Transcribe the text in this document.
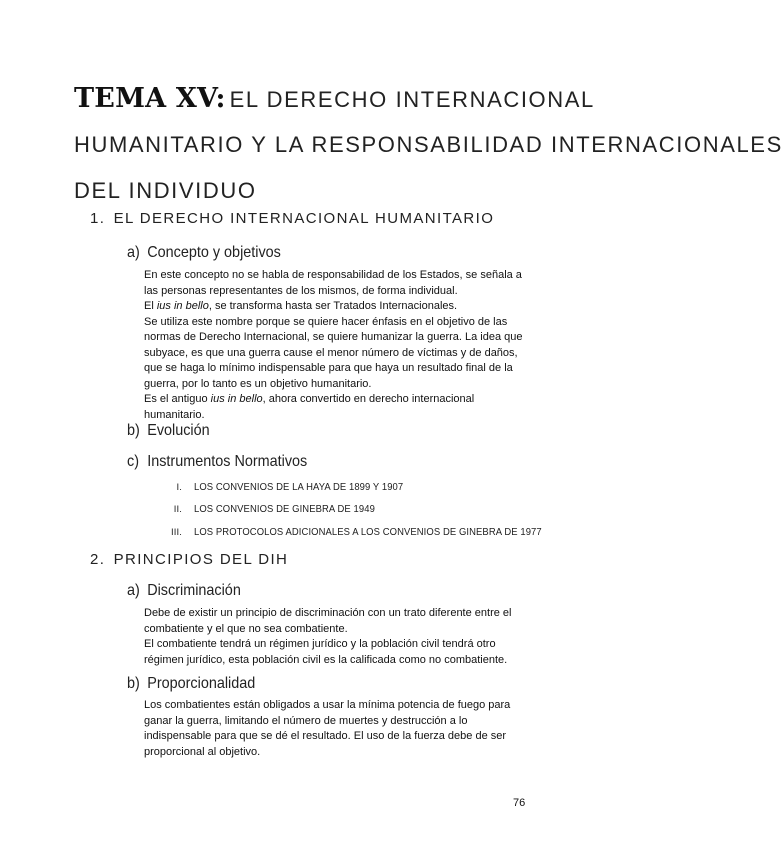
TEMA XV: EL DERECHO INTERNACIONAL
HUMANITARIO Y LA RESPONSABILIDAD INTERNACIONALES
DEL INDIVIDUO
1. EL DERECHO INTERNACIONAL HUMANITARIO
a) Concepto y objetivos
En este concepto no se habla de responsabilidad de los Estados, se señala a
las personas representantes de los mismos, de forma individual.
El ius in bello, se transforma hasta ser Tratados Internacionales.
Se utiliza este nombre porque se quiere hacer énfasis en el objetivo de las
normas de Derecho Internacional, se quiere humanizar la guerra. La idea que
subyace, es que una guerra cause el menor número de víctimas y de daños,
que se haga lo mínimo indispensable para que haya un resultado final de la
guerra, por lo tanto es un objetivo humanitario.
Es el antiguo ius in bello, ahora convertido en derecho internacional
humanitario.
b) Evolución
c) Instrumentos Normativos
I. LOS CONVENIOS DE LA HAYA DE 1899 Y 1907
II. LOS CONVENIOS DE GINEBRA DE 1949
III. LOS PROTOCOLOS ADICIONALES A LOS CONVENIOS DE GINEBRA DE 1977
2. PRINCIPIOS DEL DIH
a) Discriminación
Debe de existir un principio de discriminación con un trato diferente entre el
combatiente y el que no sea combatiente.
El combatiente tendrá un régimen jurídico y la población civil tendrá otro
régimen jurídico, esta población civil es la calificada como no combatiente.
b) Proporcionalidad
Los combatientes están obligados a usar la mínima potencia de fuego para
ganar la guerra, limitando el número de muertes y destrucción a lo
indispensable para que se dé el resultado. El uso de la fuerza debe de ser
proporcional al objetivo.
76
